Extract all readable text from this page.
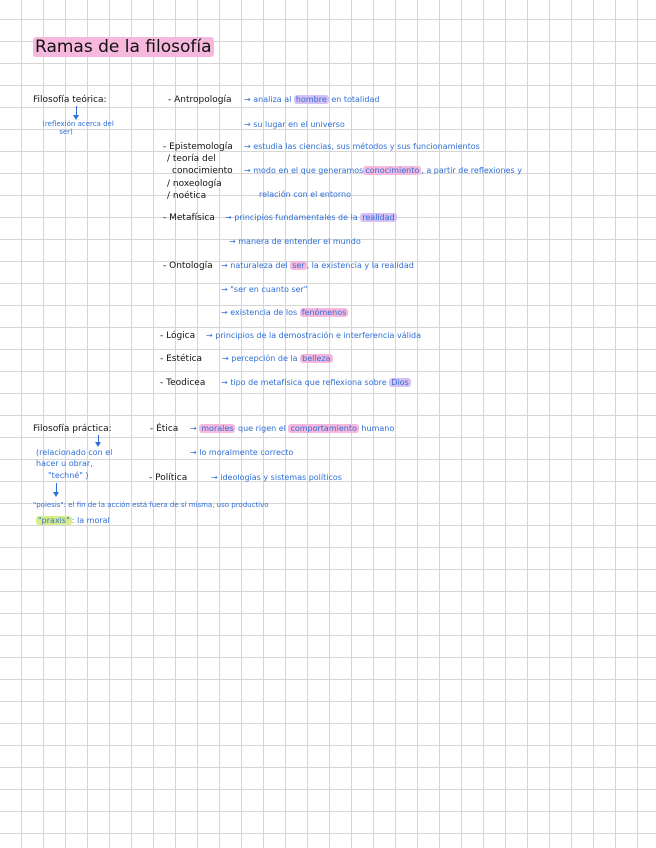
Ramas de la filosofía
Filosofía teórica:
(reflexión acerca del
ser)
- Antropología → analiza al hombre en totalidad
→ su lugar en el universo
- Epistemología
/ teoría del
conocimiento
/ noxeología
/ noética
→ estudia las ciencias, sus métodos y sus funcionamientos
→ modo en el que generamos conocimiento , a partir de reflexiones y
relación con el entorno
- Metafísica → principios fundamentales de la realidad
→ manera de entender el mundo
- Ontología → naturaleza del ser , la existencia y la realidad
→ "ser en cuanto ser"
→ existencia de los fenómenos
- Lógica → principios de la demostración e interferencia válida
- Estética → percepción de la belleza
- Teodicea → tipo de metafísica que reflexiona sobre Dios
Filosofía práctica:
(relacionado con el
hacer u obrar,
"techné" )
- Ética → morales que rigen el comportamiento humano
→ lo moralmente correcto
- Política	→ ideologías y sistemas políticos
"poiesis": el fin de la acción está fuera de sí misma, uso productivo
"praxis" : la moral
